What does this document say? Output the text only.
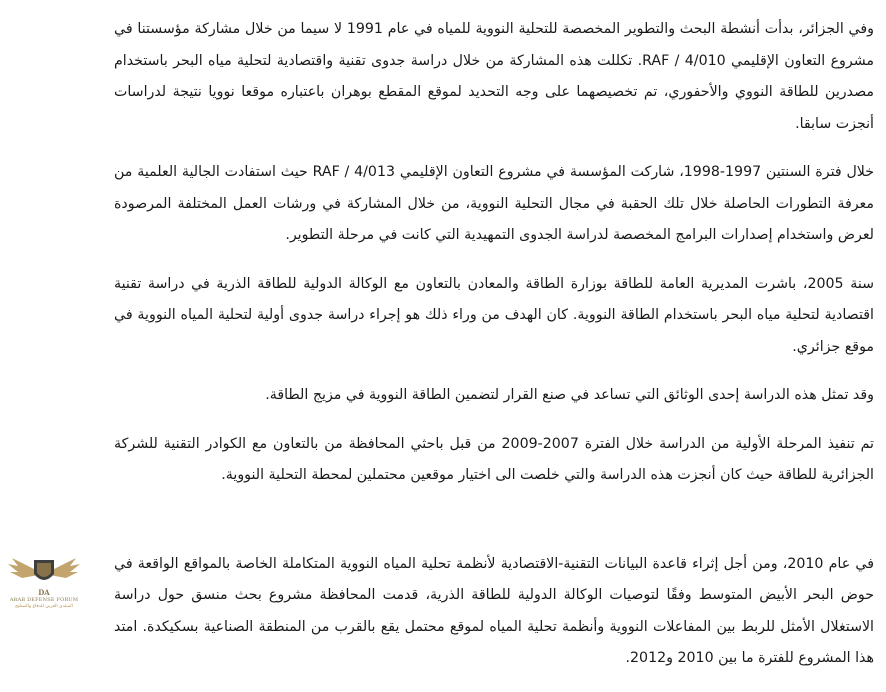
وفي الجزائر، بدأت أنشطة البحث والتطوير المخصصة للتحلية النووية للمياه في عام 1991 لا سيما من خلال مشاركة مؤسستنا في مشروع التعاون الإقليمي RAF / 4/010. تكللت هذه المشاركة من خلال دراسة جدوى تقنية واقتصادية لتحلية مياه البحر باستخدام مصدرين للطاقة النووي والأحفوري، تم تخصيصهما على وجه التحديد لموقع المقطع بوهران باعتباره موقعا نوويا نتيجة لدراسات أنجزت سابقا.

خلال فترة السنتين 1997-1998، شاركت المؤسسة في مشروع التعاون الإقليمي RAF / 4/013 حيث استفادت الجالية العلمية من معرفة التطورات الحاصلة خلال تلك الحقبة في مجال التحلية النووية، من خلال المشاركة في ورشات العمل المختلفة المرصودة لعرض واستخدام إصدارات البرامج المخصصة لدراسة الجدوى التمهيدية التي كانت في مرحلة التطوير.

سنة 2005، باشرت المديرية العامة للطاقة بوزارة الطاقة والمعادن بالتعاون مع الوكالة الدولية للطاقة الذرية في دراسة تقنية اقتصادية لتحلية مياه البحر باستخدام الطاقة النووية. كان الهدف من وراء ذلك هو إجراء دراسة جدوى أولية لتحلية المياه النووية في موقع جزائري.

وقد تمثل هذه الدراسة إحدى الوثائق التي تساعد في صنع القرار لتضمين الطاقة النووية في مزيج الطاقة.

تم تنفيذ المرحلة الأولية من الدراسة خلال الفترة 2007-2009 من قبل باحثي المحافظة من بالتعاون مع الكوادر التقنية للشركة الجزائرية للطاقة حيث كان أنجزت هذه الدراسة والتي خلصت الى اختيار موقعين محتملين لمحطة التحلية النووية.

في عام 2010، ومن أجل إثراء قاعدة البيانات التقنية-الاقتصادية لأنظمة تحلية المياه النووية المتكاملة الخاصة بالمواقع الواقعة في حوض البحر الأبيض المتوسط وفقًا لتوصيات الوكالة الدولية للطاقة الذرية، قدمت المحافظة مشروع بحث منسق حول دراسة الاستغلال الأمثل للربط بين المفاعلات النووية وأنظمة تحلية المياه لموقع محتمل يقع بالقرب من المنطقة الصناعية بسكيكدة. امتد هذا المشروع للفترة ما بين 2010 و2012.

DA
ARAB DEFENSE FORUM
المنتدى العربي للدفاع والتسليح
